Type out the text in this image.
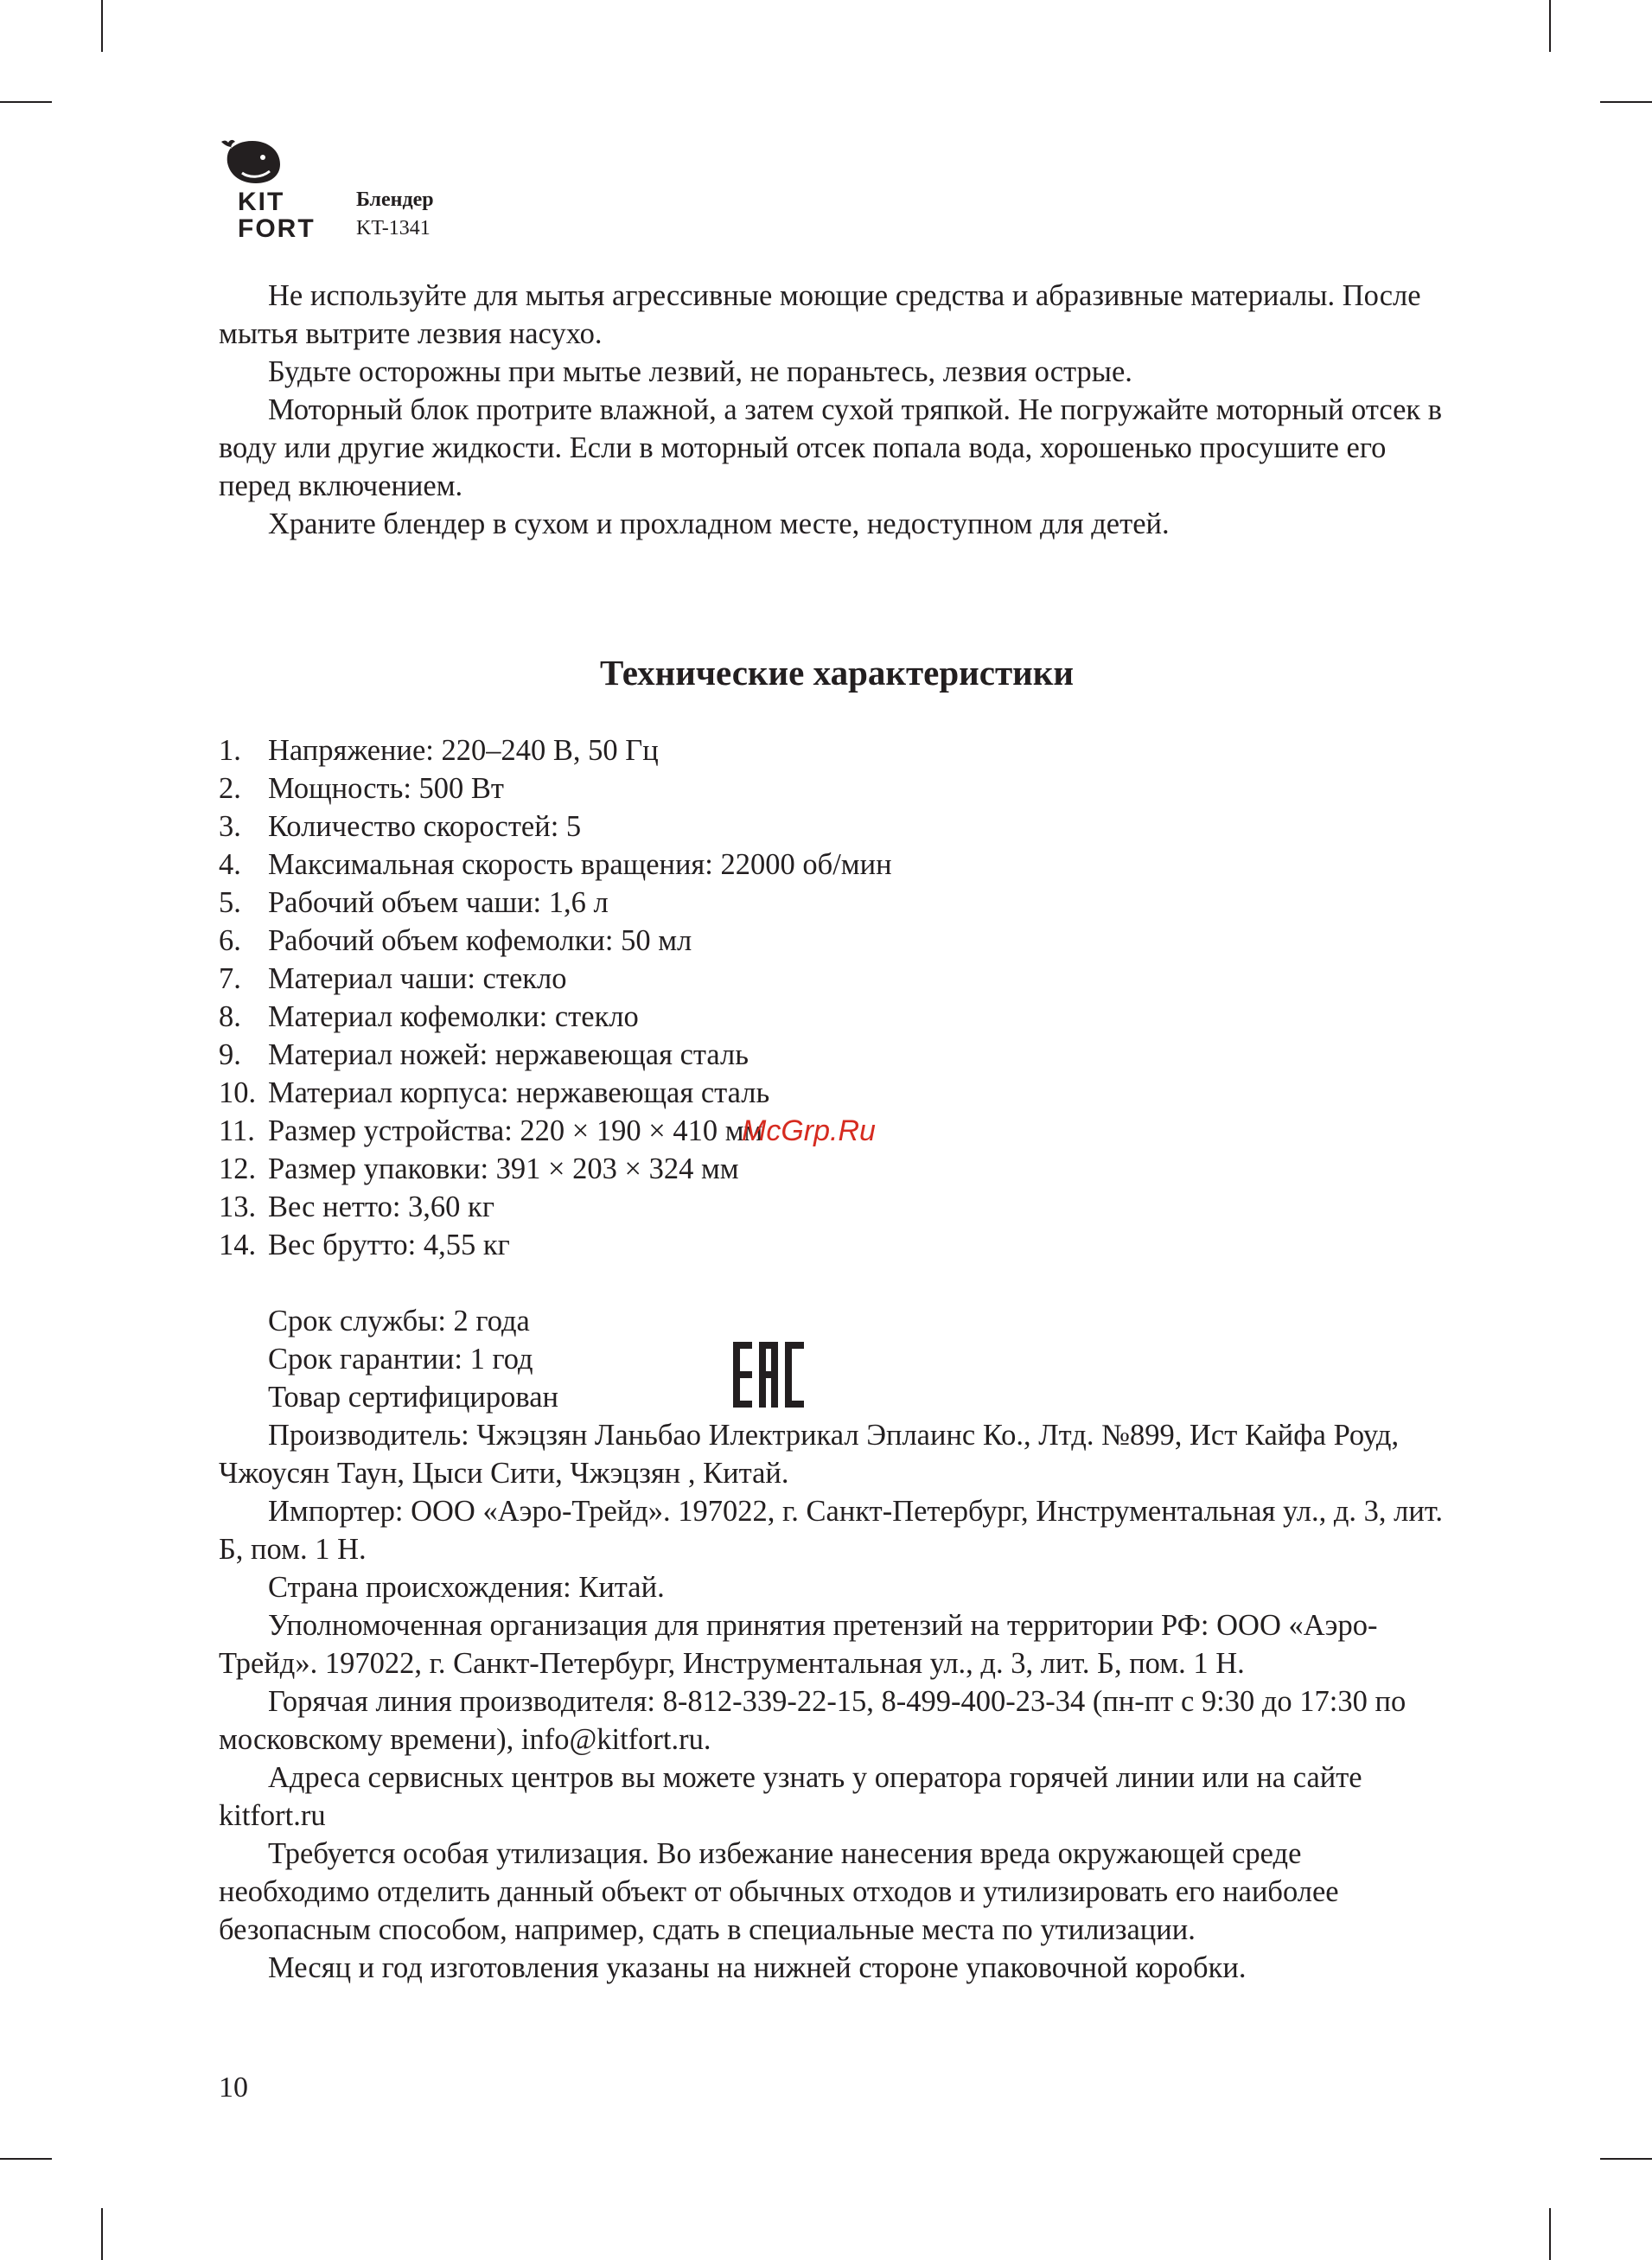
KIT
FORT
Блендер
KT-1341

Не используйте для мытья агрессивные моющие средства и абразивные материалы. После мытья вытрите лезвия насухо.

Будьте осторожны при мытье лезвий, не пораньтесь, лезвия острые.

Моторный блок протрите влажной, а затем сухой тряпкой. Не погружайте моторный отсек в воду или другие жидкости. Если в моторный отсек попала вода, хорошенько просушите его перед включением.

Храните блендер в сухом и прохладном месте, недоступном для детей.

Технические характеристики
1. Напряжение: 220–240 В, 50 Гц
2. Мощность: 500 Вт
3. Количество скоростей: 5
4. Максимальная скорость вращения: 22000 об/мин
5. Рабочий объем чаши: 1,6 л
6. Рабочий объем кофемолки: 50 мл
7. Материал чаши: стекло
8. Материал кофемолки: стекло
9. Материал ножей: нержавеющая сталь
10. Материал корпуса: нержавеющая сталь
11. Размер устройства: 220 × 190 × 410 мм
12. Размер упаковки: 391 × 203 × 324 мм
13. Вес нетто: 3,60 кг
14. Вес брутто: 4,55 кг
McGrp.Ru

Срок службы: 2 года

Срок гарантии: 1 год

Товар сертифицирован

Производитель: Чжэцзян Ланьбао Илектрикал Эплаинс Ко., Лтд. №899, Ист Кайфа Роуд, Чжоусян Таун, Цыси Сити, Чжэцзян , Китай.

Импортер: ООО «Аэро-Трейд». 197022, г. Санкт-Петербург, Инструментальная ул., д. 3, лит. Б, пом. 1 Н.

Страна происхождения: Китай.

Уполномоченная организация для принятия претензий на территории РФ: ООО «Аэро-Трейд». 197022, г. Санкт-Петербург, Инструментальная ул., д. 3, лит. Б, пом. 1 Н.

Горячая линия производителя: 8-812-339-22-15, 8-499-400-23-34 (пн-пт с 9:30 до 17:30 по московскому времени), info@kitfort.ru.

Адреса сервисных центров вы можете узнать у оператора горячей линии или на сайте kitfort.ru

Требуется особая утилизация. Во избежание нанесения вреда окружающей среде необходимо отделить данный объект от обычных отходов и утилизировать его наиболее безопасным способом, например, сдать в специальные места по утилизации.

Месяц и год изготовления указаны на нижней стороне упаковочной коробки.

10
